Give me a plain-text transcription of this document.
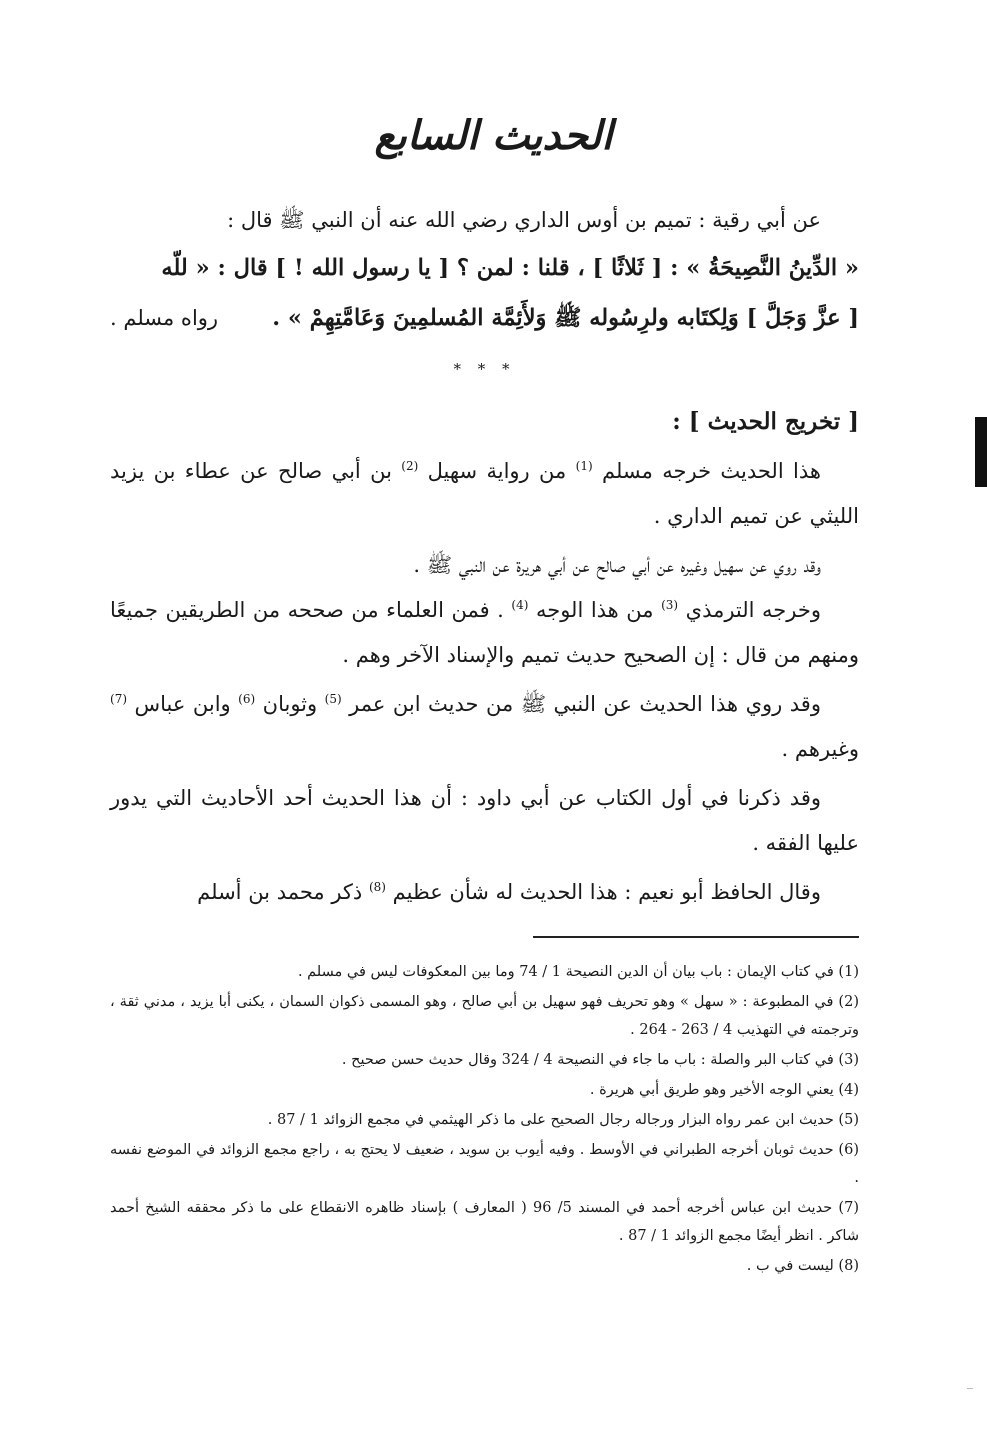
الحديث السابع

عن أبي رقية : تميم بن أوس الداري رضي الله عنه أن النبي ﷺ قال :

« الدِّينُ النَّصِيحَةُ » : [ ثَلاثًا ] ، قلنا : لمن ؟ [ يا رسول الله ! ] قال : « للّه

[ عزَّ وَجَلَّ ] وَلِكتَابه ولرِسُوله ﷺ وَلأَئِمَّة المُسلمِينَ وَعَامَّتِهِمْ » .
رواه مسلم .
* * *
[ تخريج الحديث ] :

هذا الحديث خرجه مسلم $^{(1)}$ من رواية سهيل $^{(2)}$ بن أبي صالح عن عطاء بن يزيد الليثي عن تميم الداري .

وقد روي عن سهيل وغيره عن أبي صالح عن أبي هريرة عن النبي ﷺ .

وخرجه الترمذي $^{(3)}$ من هذا الوجه $^{(4)}$ . فمن العلماء من صححه من الطريقين جميعًا ومنهم من قال : إن الصحيح حديث تميم والإسناد الآخر وهم .

وقد روي هذا الحديث عن النبي ﷺ من حديث ابن عمر $^{(5)}$ وثوبان $^{(6)}$ وابن عباس $^{(7)}$ وغيرهم .

وقد ذكرنا في أول الكتاب عن أبي داود : أن هذا الحديث أحد الأحاديث التي يدور عليها الفقه .

وقال الحافظ أبو نعيم : هذا الحديث له شأن عظيم $^{(8)}$ ذكر محمد بن أسلم

(1) في كتاب الإيمان : باب بيان أن الدين النصيحة 1 / 74 وما بين المعكوفات ليس في مسلم .

(2) في المطبوعة : « سهل » وهو تحريف فهو سهيل بن أبي صالح ، وهو المسمى ذكوان السمان ، يكنى أبا يزيد ، مدني ثقة ، وترجمته في التهذيب 4 / 263 - 264 .

(3) في كتاب البر والصلة : باب ما جاء في النصيحة 4 / 324 وقال حديث حسن صحيح .

(4) يعني الوجه الأخير وهو طريق أبي هريرة .

(5) حديث ابن عمر رواه البزار ورجاله رجال الصحيح على ما ذكر الهيثمي في مجمع الزوائد 1 / 87 .

(6) حديث ثوبان أخرجه الطبراني في الأوسط . وفيه أيوب بن سويد ، ضعيف لا يحتج به ، راجع مجمع الزوائد في الموضع نفسه .

(7) حديث ابن عباس أخرجه أحمد في المسند 5/ 96 ( المعارف ) بإسناد ظاهره الانقطاع على ما ذكر محققه الشيخ أحمد شاكر . انظر أيضًا مجمع الزوائد 1 / 87 .

(8) ليست في ب .
